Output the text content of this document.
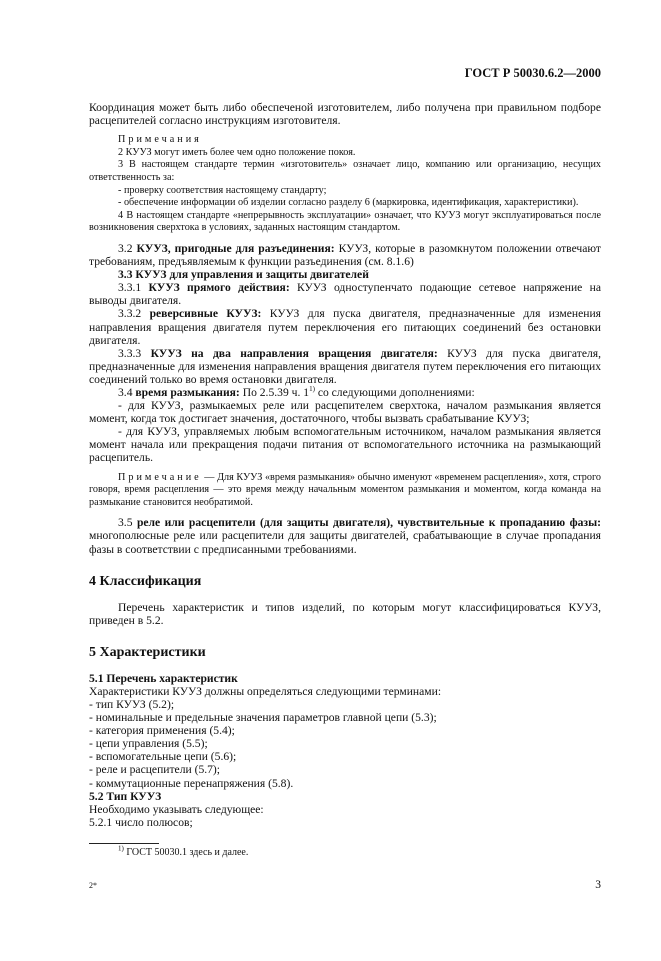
ГОСТ Р 50030.6.2—2000

Координация может быть либо обеспеченой изготовителем, либо получена при правильном подборе расцепителей согласно инструкциям изготовителя.

Примечания

2 КУУЗ могут иметь более чем одно положение покоя.

3 В настоящем стандарте термин «изготовитель» означает лицо, компанию или организацию, несущих ответственность за:

- проверку соответствия настоящему стандарту;

- обеспечение информации об изделии согласно разделу 6 (маркировка, идентификация, характеристики).

4 В настоящем стандарте «непрерывность эксплуатации» означает, что КУУЗ могут эксплуатироваться после возникновения сверхтока в условиях, заданных настоящим стандартом.

3.2 КУУЗ, пригодные для разъединения: КУУЗ, которые в разомкнутом положении отвечают требованиям, предъявляемым к функции разъединения (см. 8.1.6)

3.3 КУУЗ для управления и защиты двигателей

3.3.1 КУУЗ прямого действия: КУУЗ одноступенчато подающие сетевое напряжение на выводы двигателя.

3.3.2 реверсивные КУУЗ: КУУЗ для пуска двигателя, предназначенные для изменения направления вращения двигателя путем переключения его питающих соединений без остановки двигателя.

3.3.3 КУУЗ на два направления вращения двигателя: КУУЗ для пуска двигателя, предназначенные для изменения направления вращения двигателя путем переключения его питающих соединений только во время остановки двигателя.

3.4 время размыкания: По 2.5.39 ч. 1$^{1)}$ со следующими дополнениями:

- для КУУЗ, размыкаемых реле или расцепителем сверхтока, началом размыкания является момент, когда ток достигает значения, достаточного, чтобы вызвать срабатывание КУУЗ;

- для КУУЗ, управляемых любым вспомогательным источником, началом размыкания является момент начала или прекращения подачи питания от вспомогательного источника на размыкающий расцепитель.

Примечание — Для КУУЗ «время размыкания» обычно именуют «временем расцепления», хотя, строго говоря, время расцепления — это время между начальным моментом размыкания и моментом, когда команда на размыкание становится необратимой.

3.5 реле или расцепители (для защиты двигателя), чувствительные к пропаданию фазы: многополюсные реле или расцепители для защиты двигателей, срабатывающие в случае пропадания фазы в соответствии с предписанными требованиями.

4 Классификация

Перечень характеристик и типов изделий, по которым могут классифицироваться КУУЗ, приведен в 5.2.

5 Характеристики

5.1 Перечень характеристик

Характеристики КУУЗ должны определяться следующими терминами:

- тип КУУЗ (5.2);

- номинальные и предельные значения параметров главной цепи (5.3);

- категория применения (5.4);

- цепи управления (5.5);

- вспомогательные цепи (5.6);

- реле и расцепители (5.7);

- коммутационные перенапряжения (5.8).

5.2 Тип КУУЗ

Необходимо указывать следующее:

5.2.1 число полюсов;

$^{1)}$ ГОСТ 50030.1 здесь и далее.
2*	3
